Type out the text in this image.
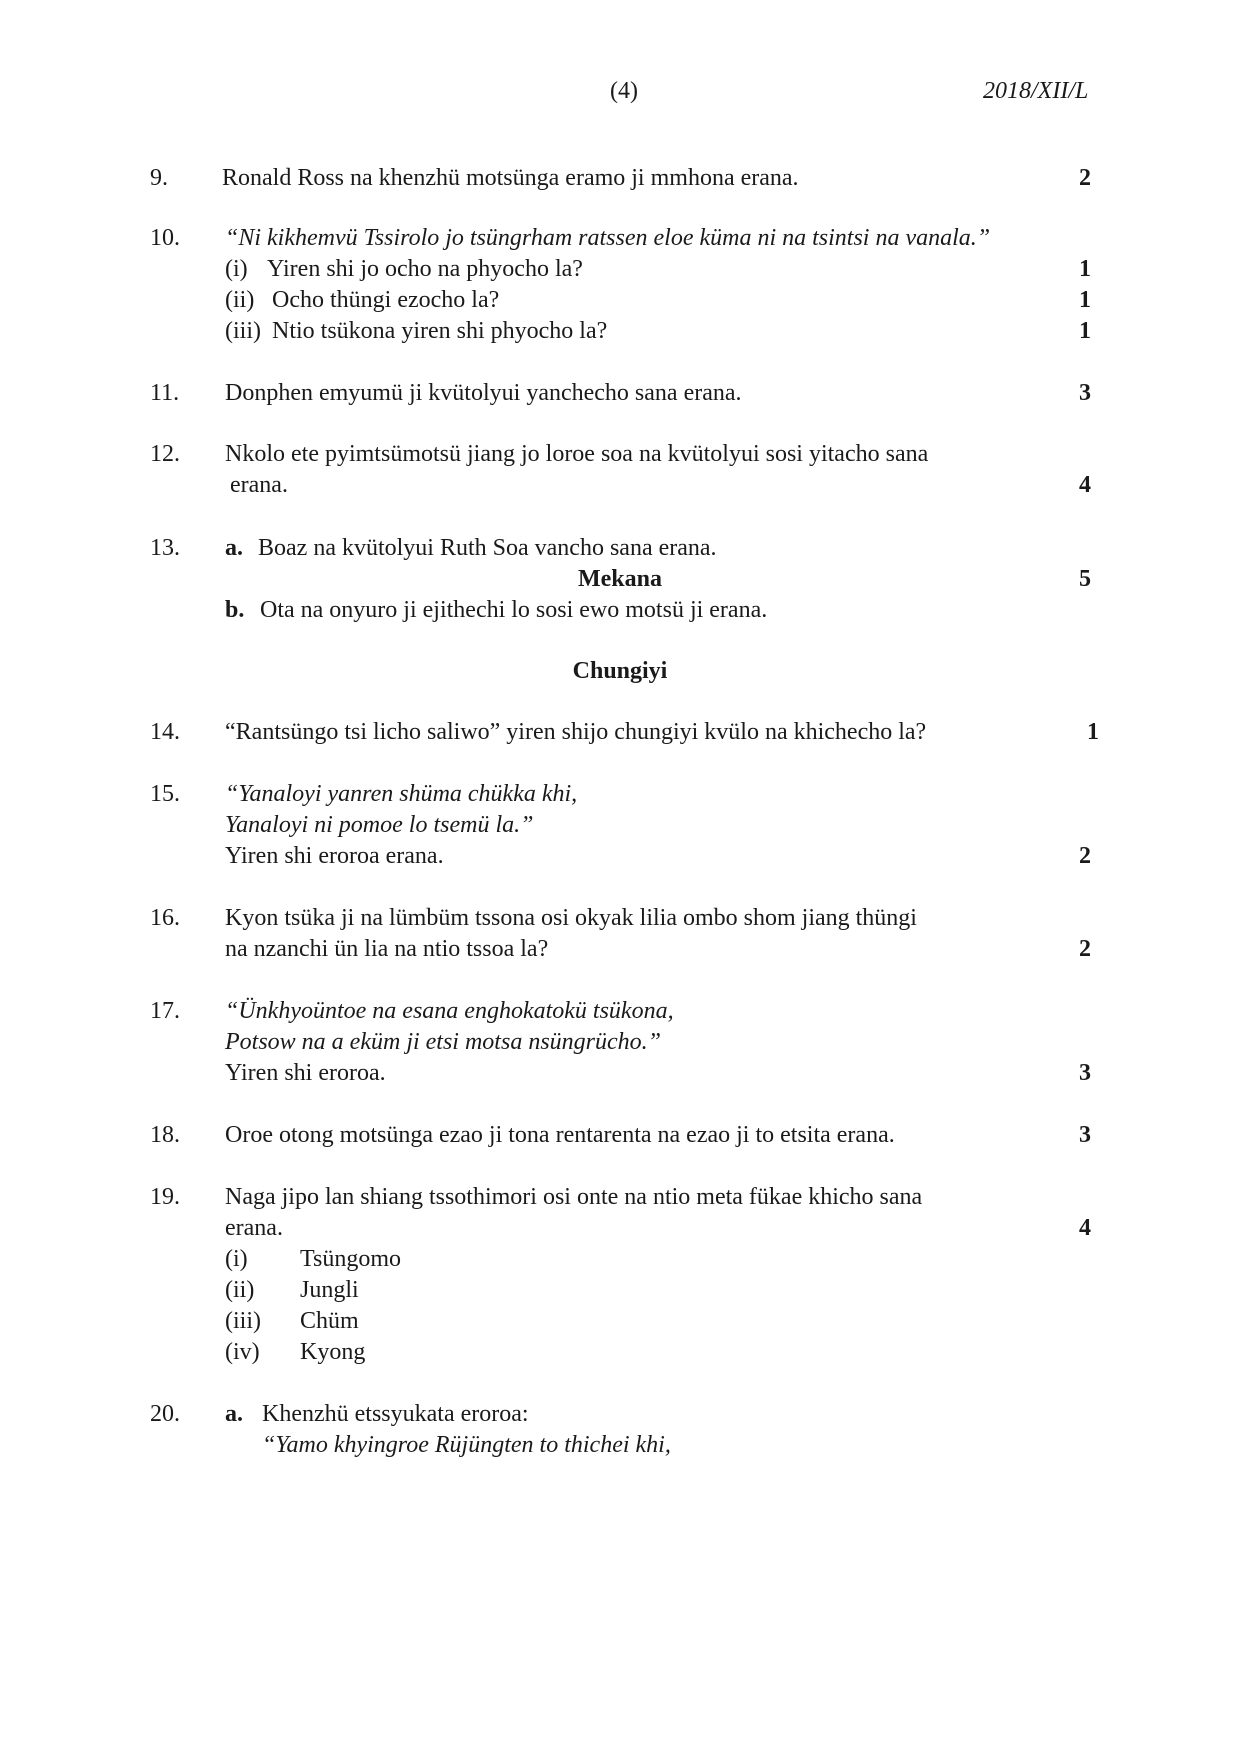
(4)	2018/XII/L
9. Ronald Ross na khenzhü motsünga eramo ji mmhona erana.	2
10. “Ni kikhemvü Tssirolo jo tsüngrham ratssen eloe küma ni na tsintsi na vanala.”
(i) Yiren shi jo ocho na phyocho la?	1
(ii) Ocho thüngi ezocho la?	1
(iii) Ntio tsükona yiren shi phyocho la?	1
11. Donphen emyumü ji kvütolyui yanchecho sana erana.	3
12. Nkolo ete pyimtsümotsü jiang jo loroe soa na kvütolyui sosi yitacho sana
erana.	4
13. a. Boaz na kvütolyui Ruth Soa vancho sana erana.
Mekana	5
b. Ota na onyuro ji ejithechi lo sosi ewo motsü ji erana.
Chungiyi
14. “Rantsüngo tsi licho saliwo” yiren shijo chungiyi kvülo na khichecho la?	1
15. “Yanaloyi yanren shüma chükka khi,
Yanaloyi ni pomoe lo tsemü la.”
Yiren shi eroroa erana.	2
16. Kyon tsüka ji na lümbüm tssona osi okyak lilia ombo shom jiang thüngi
na nzanchi ün lia na ntio tssoa la?	2
17. “Ünkhyoüntoe na esana enghokatokü tsükona,
Potsow na a eküm ji etsi motsa nsüngrücho.”
Yiren shi eroroa.	3
18. Oroe otong motsünga ezao ji tona rentarenta na ezao ji to etsita erana.	3
19. Naga jipo lan shiang tssothimori osi onte na ntio meta fükae khicho sana
erana.	4
(i) Tsüngomo
(ii) Jungli
(iii) Chüm
(iv) Kyong
20. a. Khenzhü etssyukata eroroa:
“Yamo khyingroe Rüjüngten to thichei khi,
